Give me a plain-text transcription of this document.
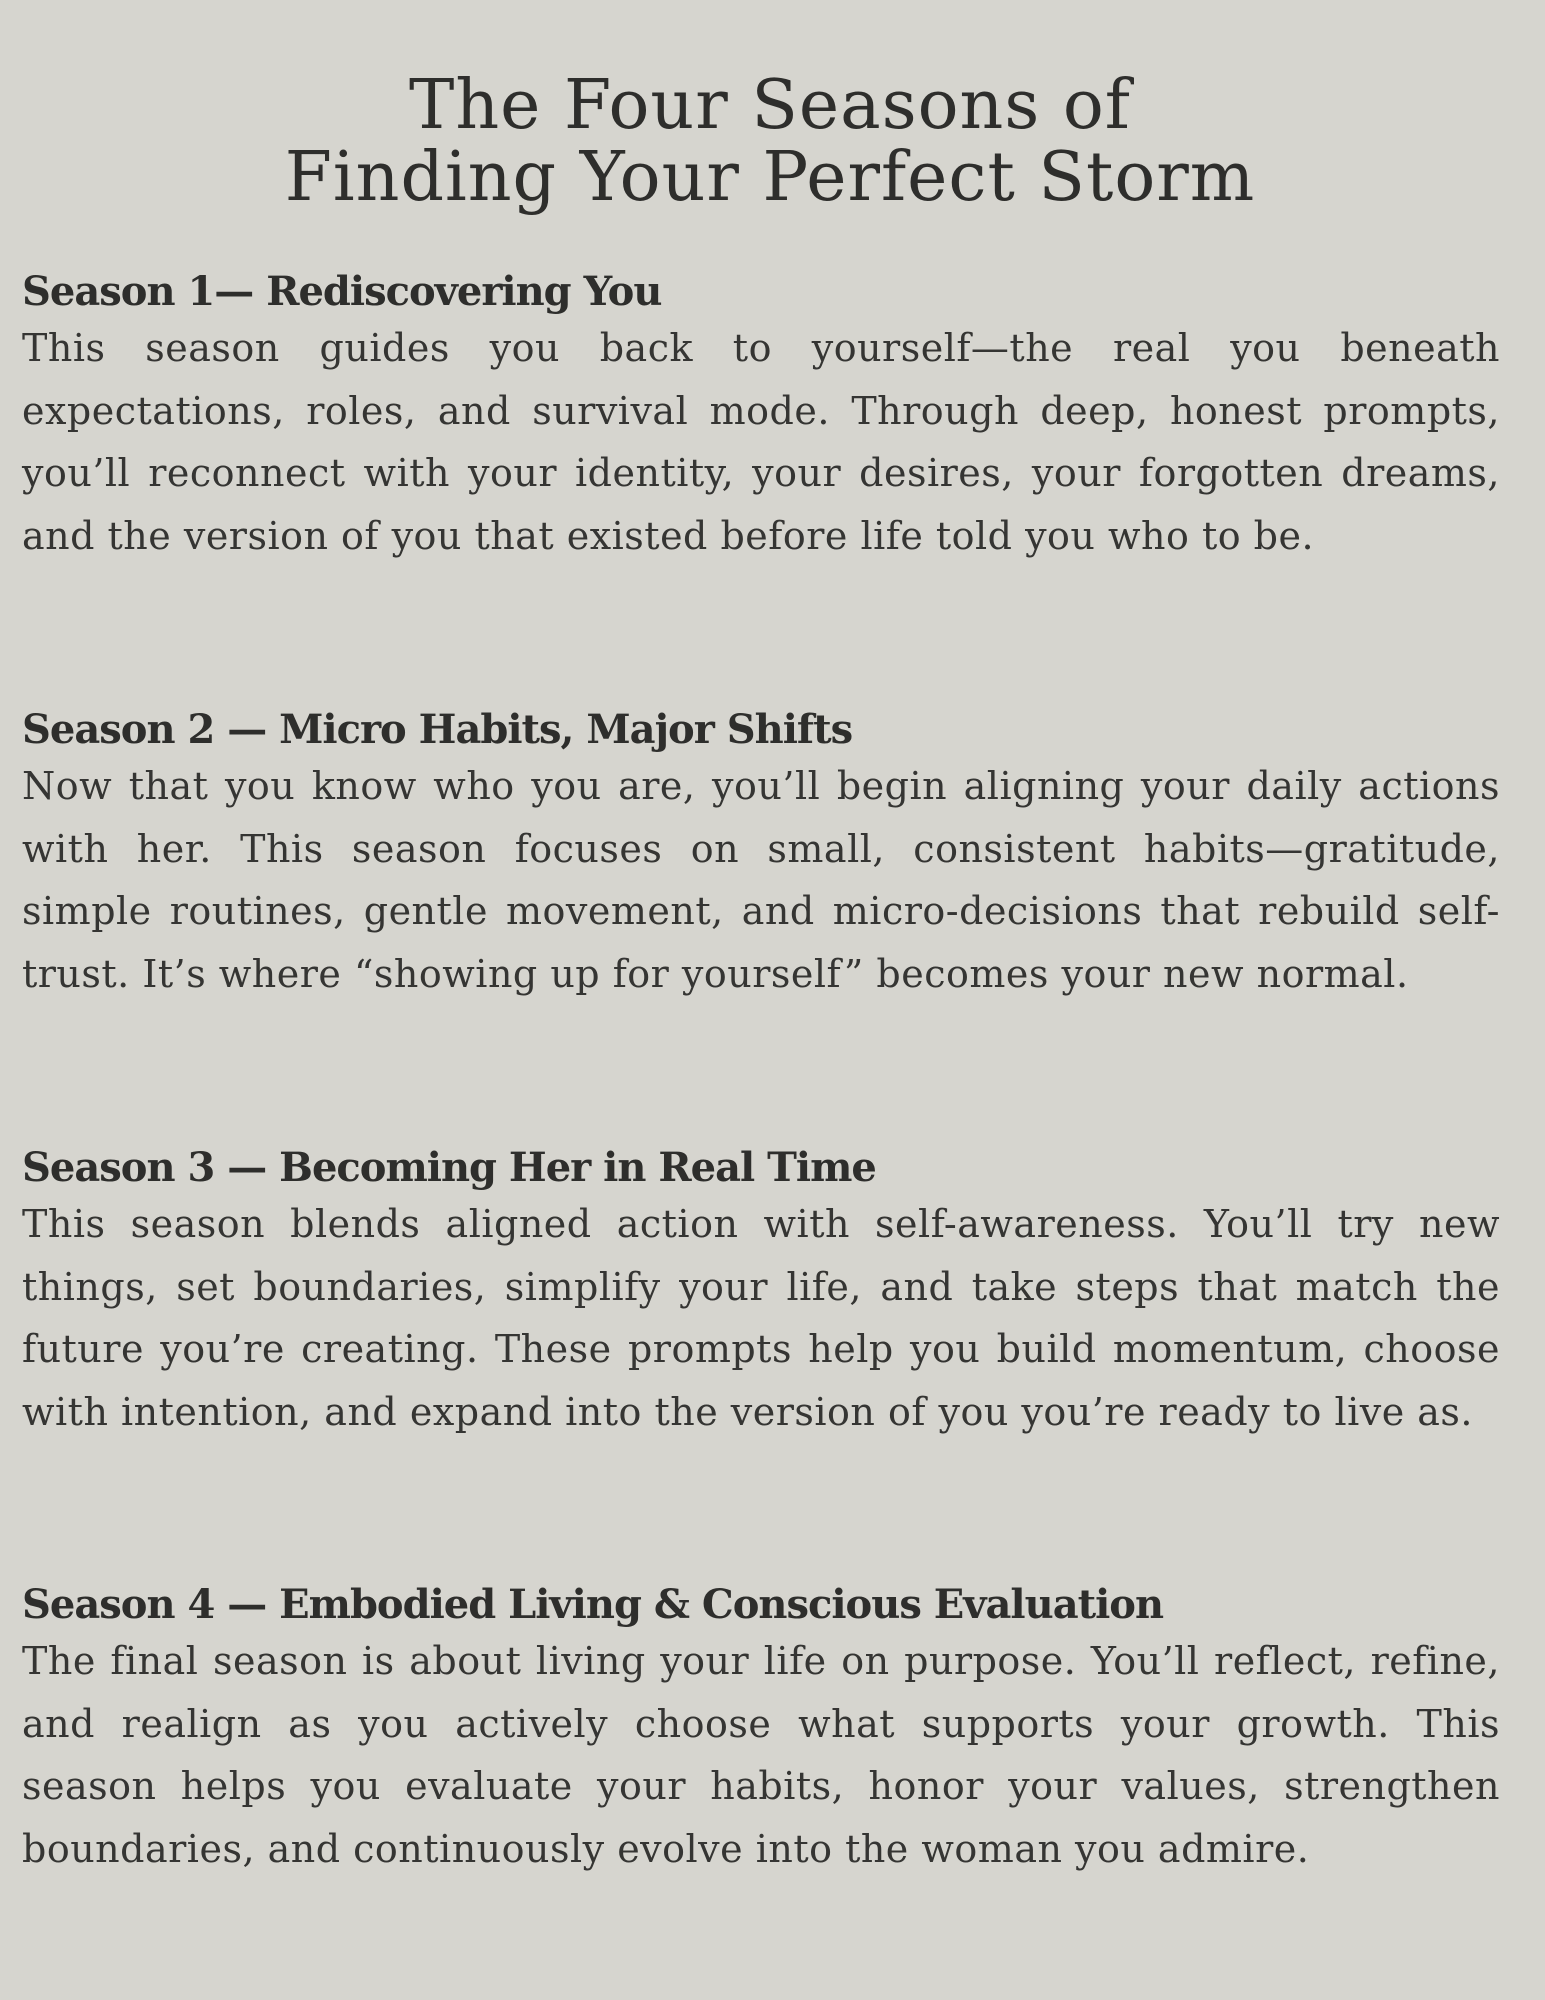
The Four Seasons of
Finding Your Perfect Storm
Season 1— Rediscovering You

This season guides you back to yourself—the real you beneath expectations, roles, and survival mode. Through deep, honest prompts, you’ll reconnect with your identity, your desires, your forgotten dreams, and the version of you that existed before life told you who to be.

Season 2 — Micro Habits, Major Shifts

Now that you know who you are, you’ll begin aligning your daily actions with her. This season focuses on small, consistent habits—gratitude, simple routines, gentle movement, and micro-decisions that rebuild self-trust. It’s where “showing up for yourself” becomes your new normal.

Season 3 — Becoming Her in Real Time

This season blends aligned action with self-awareness. You’ll try new things, set boundaries, simplify your life, and take steps that match the future you’re creating. These prompts help you build momentum, choose with intention, and expand into the version of you you’re ready to live as.

Season 4 — Embodied Living & Conscious Evaluation

The final season is about living your life on purpose. You’ll reflect, refine, and realign as you actively choose what supports your growth. This season helps you evaluate your habits, honor your values, strengthen boundaries, and continuously evolve into the woman you admire.
